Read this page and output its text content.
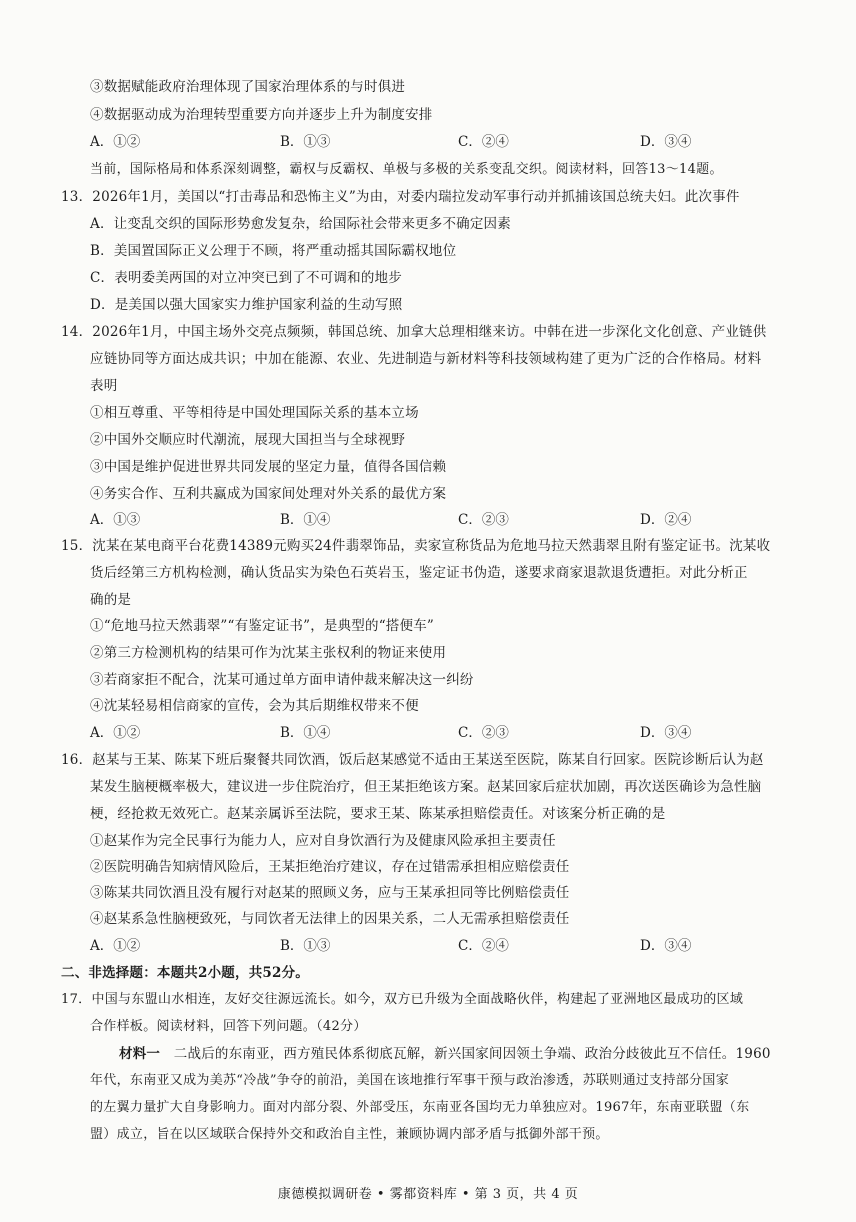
③数据赋能政府治理体现了国家治理体系的与时俱进
④数据驱动成为治理转型重要方向并逐步上升为制度安排
A．①②	B．①③	C．②④	D．③④
当前，国际格局和体系深刻调整，霸权与反霸权、单极与多极的关系变乱交织。阅读材料，回答13～14题。
13．2026年1月，美国以“打击毒品和恐怖主义”为由，对委内瑞拉发动军事行动并抓捕该国总统夫妇。此次事件
A．让变乱交织的国际形势愈发复杂，给国际社会带来更多不确定因素
B．美国置国际正义公理于不顾，将严重动摇其国际霸权地位
C．表明委美两国的对立冲突已到了不可调和的地步
D．是美国以强大国家实力维护国家利益的生动写照
14．2026年1月，中国主场外交亮点频频，韩国总统、加拿大总理相继来访。中韩在进一步深化文化创意、产业链供
应链协同等方面达成共识；中加在能源、农业、先进制造与新材料等科技领域构建了更为广泛的合作格局。材料
表明
①相互尊重、平等相待是中国处理国际关系的基本立场
②中国外交顺应时代潮流，展现大国担当与全球视野
③中国是维护促进世界共同发展的坚定力量，值得各国信赖
④务实合作、互利共赢成为国家间处理对外关系的最优方案
A．①③	B．①④	C．②③	D．②④
15．沈某在某电商平台花费14389元购买24件翡翠饰品，卖家宣称货品为危地马拉天然翡翠且附有鉴定证书。沈某收
货后经第三方机构检测，确认货品实为染色石英岩玉，鉴定证书伪造，遂要求商家退款退货遭拒。对此分析正
确的是
①“危地马拉天然翡翠”“有鉴定证书”，是典型的“搭便车”
②第三方检测机构的结果可作为沈某主张权利的物证来使用
③若商家拒不配合，沈某可通过单方面申请仲裁来解决这一纠纷
④沈某轻易相信商家的宣传，会为其后期维权带来不便
A．①②	B．①④	C．②③	D．③④
16．赵某与王某、陈某下班后聚餐共同饮酒，饭后赵某感觉不适由王某送至医院，陈某自行回家。医院诊断后认为赵
某发生脑梗概率极大，建议进一步住院治疗，但王某拒绝该方案。赵某回家后症状加剧，再次送医确诊为急性脑
梗，经抢救无效死亡。赵某亲属诉至法院，要求王某、陈某承担赔偿责任。对该案分析正确的是
①赵某作为完全民事行为能力人，应对自身饮酒行为及健康风险承担主要责任
②医院明确告知病情风险后，王某拒绝治疗建议，存在过错需承担相应赔偿责任
③陈某共同饮酒且没有履行对赵某的照顾义务，应与王某承担同等比例赔偿责任
④赵某系急性脑梗致死，与同饮者无法律上的因果关系，二人无需承担赔偿责任
A．①②	B．①③	C．②④	D．③④
二、非选择题：本题共2小题，共52分。
17．中国与东盟山水相连，友好交往源远流长。如今，双方已升级为全面战略伙伴，构建起了亚洲地区最成功的区域
合作样板。阅读材料，回答下列问题。（42分）
材料一　二战后的东南亚，西方殖民体系彻底瓦解，新兴国家间因领土争端、政治分歧彼此互不信任。1960
年代，东南亚又成为美苏“冷战”争夺的前沿，美国在该地推行军事干预与政治渗透，苏联则通过支持部分国家
的左翼力量扩大自身影响力。面对内部分裂、外部受压，东南亚各国均无力单独应对。1967年，东南亚联盟（东
盟）成立，旨在以区域联合保持外交和政治自主性，兼顾协调内部矛盾与抵御外部干预。
康德模拟调研卷 • 雾都资料库 • 第 3 页，共 4 页
